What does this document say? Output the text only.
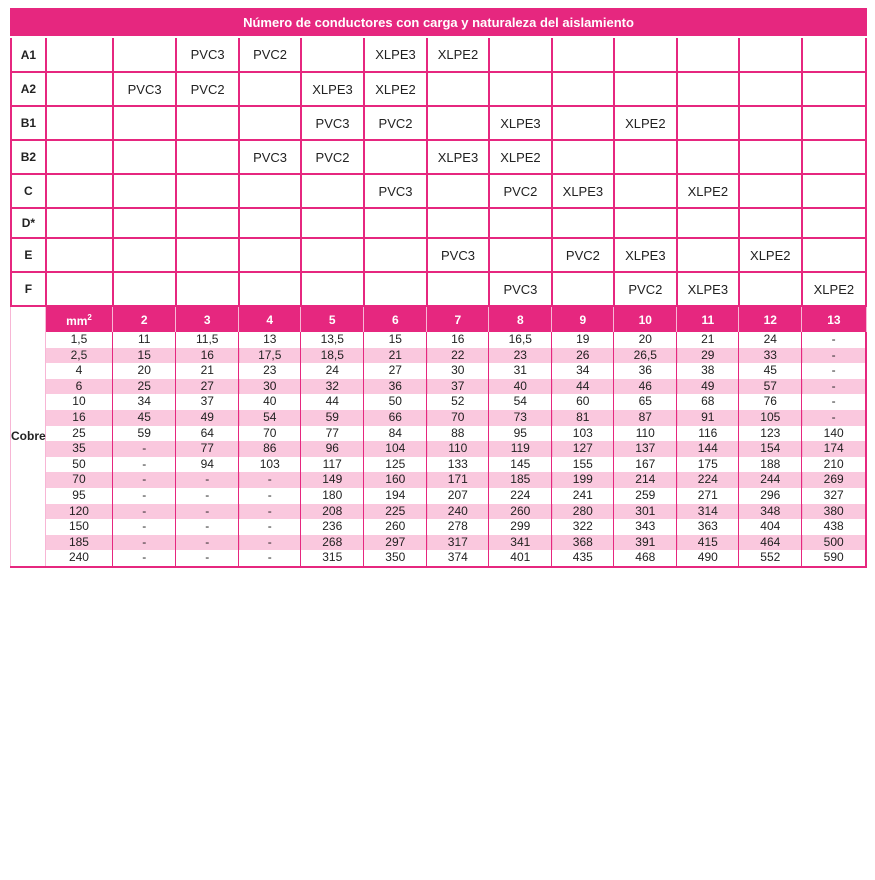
Número de conductores con carga y naturaleza del aislamiento
A1			PVC3	PVC2		XLPE3	XLPE2						
A2		PVC3	PVC2		XLPE3	XLPE2							
B1					PVC3	PVC2		XLPE3		XLPE2			
B2				PVC3	PVC2		XLPE3	XLPE2					
C						PVC3		PVC2	XLPE3		XLPE2		
D*													
E							PVC3		PVC2	XLPE3		XLPE2	
F								PVC3		PVC2	XLPE3		XLPE2
Cobre	$mm^2$	2	3	4	5	6	7	8	9	10	11	12	13
	1,5	11	11,5	13	13,5	15	16	16,5	19	20	21	24	-
	2,5	15	16	17,5	18,5	21	22	23	26	26,5	29	33	-
	4	20	21	23	24	27	30	31	34	36	38	45	-
	6	25	27	30	32	36	37	40	44	46	49	57	-
	10	34	37	40	44	50	52	54	60	65	68	76	-
	16	45	49	54	59	66	70	73	81	87	91	105	-
	25	59	64	70	77	84	88	95	103	110	116	123	140
	35	-	77	86	96	104	110	119	127	137	144	154	174
	50	-	94	103	117	125	133	145	155	167	175	188	210
	70	-	-	-	149	160	171	185	199	214	224	244	269
	95	-	-	-	180	194	207	224	241	259	271	296	327
	120	-	-	-	208	225	240	260	280	301	314	348	380
	150	-	-	-	236	260	278	299	322	343	363	404	438
	185	-	-	-	268	297	317	341	368	391	415	464	500
	240	-	-	-	315	350	374	401	435	468	490	552	590
